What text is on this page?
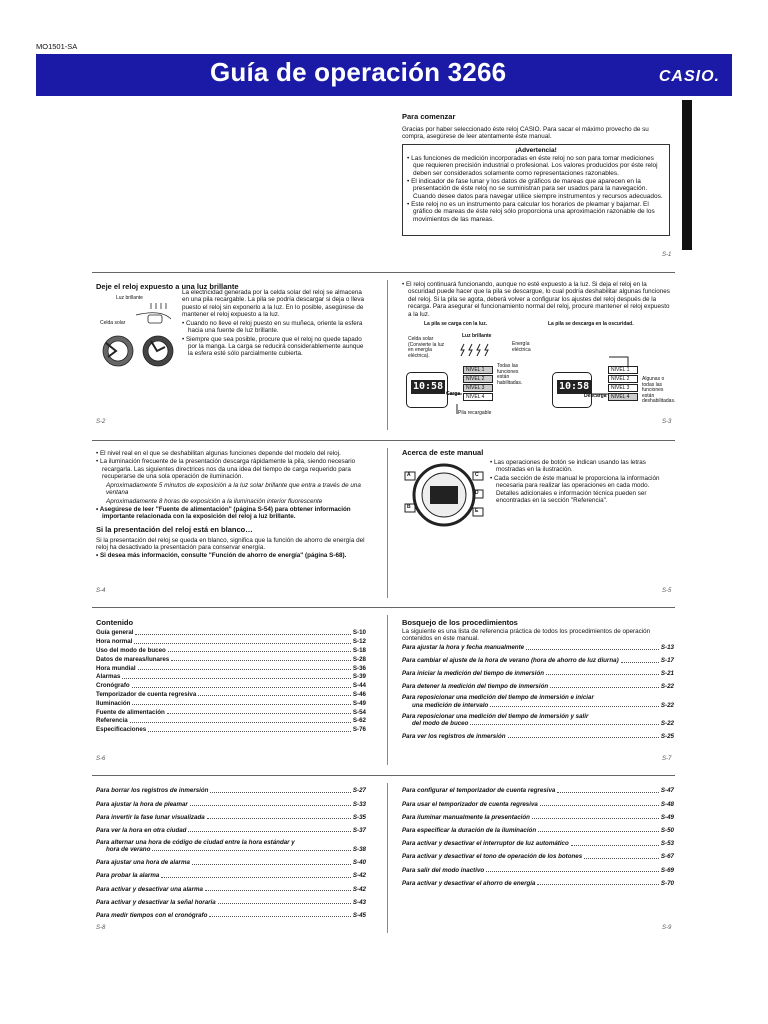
MO1501-SA
Guía de operación 3266	CASIO.
Para comenzar

Gracias por haber seleccionado éste reloj CASIO. Para sacar el máximo provecho de su compra, asegúrese de leer atentamente éste manual.

¡Advertencia!

• Las funciones de medición incorporadas en éste reloj no son para tomar mediciones que requieren precisión industrial o profesional. Los valores producidos por éste reloj deben ser considerados solamente como representaciones razonables.

• El indicador de fase lunar y los datos de gráficos de mareas que aparecen en la presentación de éste reloj no se suministran para ser usados para la navegación. Cuando desee datos para navegar utilice siempre instrumentos y recursos adecuados.

• Este reloj no es un instrumento para calcular los horarios de pleamar y bajamar. El gráfico de mareas de éste reloj sólo proporciona una aproximación razonable de los movimientos de las mareas.

S-1
Deje el reloj expuesto a una luz brillante
Luz brillante
Celda solar

La electricidad generada por la celda solar del reloj se almacena en una pila recargable. La pila se podría descargar si deja o lleva puesto el reloj sin exponerlo a la luz. En lo posible, asegúrese de mantener el reloj expuesto a la luz.

• Cuando no lleve el reloj puesto en su muñeca, oriente la esfera hacia una fuente de luz brillante.

• Siempre que sea posible, procure que el reloj no quede tapado por la manga. La carga se reducirá considerablemente aunque la esfera esté sólo parcialmente cubierta.

S-2

• El reloj continuará funcionando, aunque no esté expuesto a la luz. Si deja el reloj en la oscuridad puede hacer que la pila se descargue, lo cual podría deshabilitar algunas funciones del reloj. Si la pila se agota, deberá volver a configurar los ajustes del reloj después de la recarga. Para asegurar el funcionamiento normal del reloj, procure mantener el reloj expuesto a la luz.

La pila se carga con la luz.	La pila se descarga en la oscuridad.
Celda solar (Convierte la luz en energía eléctrica).
Luz brillante
Energía eléctrica
10:58
NIVEL 1
NIVEL 2
NIVEL 3
NIVEL 4
Todas las funciones están habilitadas.
Carga
Pila recargable
10:58
NIVEL 1
NIVEL 2
NIVEL 3
NIVEL 4
Algunas o todas las funciones están deshabilitadas.
Descarga
S-3

• El nivel real en el que se deshabilitan algunas funciones depende del modelo del reloj.

• La iluminación frecuente de la presentación descarga rápidamente la pila, siendo necesario recargarla. Las siguientes directrices nos da una idea del tiempo de carga requerido para recuperarse de una sola operación de iluminación.

Aproximadamente 5 minutos de exposición a la luz solar brillante que entra a través de una ventana

Aproximadamente 8 horas de exposición a la iluminación interior fluorescente

• Asegúrese de leer "Fuente de alimentación" (página S-54) para obtener información importante relacionada con la exposición del reloj a luz brillante.

Si la presentación del reloj está en blanco…

Si la presentación del reloj se queda en blanco, significa que la función de ahorro de energía del reloj ha desactivado la presentación para conservar energía.

• Si desea más información, consulte "Función de ahorro de energía" (página S-68).

S-4
Acerca de este manual
A
B
C
D
E

• Las operaciones de botón se indican usando las letras mostradas en la ilustración.

• Cada sección de éste manual le proporciona la información necesaria para realizar las operaciones en cada modo. Detalles adicionales e información técnica pueden ser encontradas en la sección "Referencia".

S-5
Contenido
Guía general	S-10
Hora normal	S-12
Uso del modo de buceo	S-18
Datos de mareas/lunares	S-28
Hora mundial	S-36
Alarmas	S-39
Cronógrafo	S-44
Temporizador de cuenta regresiva	S-46
Iluminación	S-49
Fuente de alimentación	S-54
Referencia	S-62
Especificaciones	S-76
S-6
Bosquejo de los procedimientos

La siguiente es una lista de referencia práctica de todos los procedimientos de operación contenidos en éste manual.

Para ajustar la hora y fecha manualmente	S-13
Para cambiar el ajuste de la hora de verano (hora de ahorro de luz diurna)	S-17
Para iniciar la medición del tiempo de inmersión	S-21
Para detener la medición del tiempo de inmersión	S-22
Para reposicionar una medición del tiempo de inmersión e iniciar
una medición de intervalo	S-22
Para reposicionar una medición del tiempo de inmersión y salir
del modo de buceo	S-22
Para ver los registros de inmersión	S-25
S-7
Para borrar los registros de inmersión	S-27
Para ajustar la hora de pleamar	S-33
Para invertir la fase lunar visualizada	S-35
Para ver la hora en otra ciudad	S-37
Para alternar una hora de código de ciudad entre la hora estándar y
hora de verano	S-38
Para ajustar una hora de alarma	S-40
Para probar la alarma	S-42
Para activar y desactivar una alarma	S-42
Para activar y desactivar la señal horaria	S-43
Para medir tiempos con el cronógrafo	S-45
S-8
Para configurar el temporizador de cuenta regresiva	S-47
Para usar el temporizador de cuenta regresiva	S-48
Para iluminar manualmente la presentación	S-49
Para especificar la duración de la iluminación	S-50
Para activar y desactivar el interruptor de luz automático	S-53
Para activar y desactivar el tono de operación de los botones	S-67
Para salir del modo inactivo	S-69
Para activar y desactivar el ahorro de energía	S-70
S-9
